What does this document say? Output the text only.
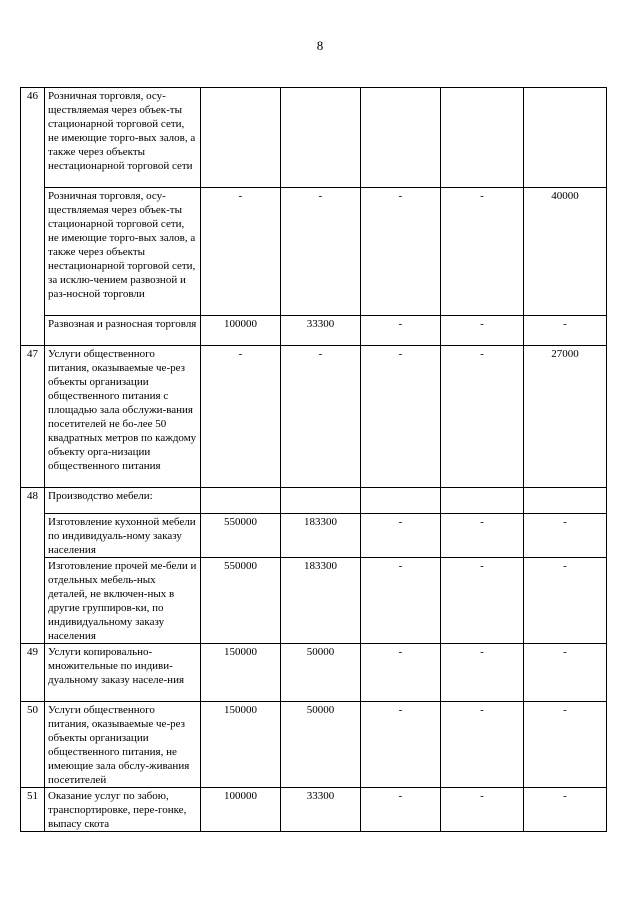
8
46	Розничная торговля, осу-ществляемая через объек-ты стационарной торговой сети, не имеющие торго-вых залов, а также через объекты нестационарной торговой сети					
	Розничная торговля, осу-ществляемая через объек-ты стационарной торговой сети, не имеющие торго-вых залов, а также через объекты нестационарной торговой сети, за исклю-чением развозной и раз-носной торговли	-	-	-	-	40000
	Развозная и разносная торговля	100000	33300	-	-	-
47	Услуги общественного питания, оказываемые че-рез объекты организации общественного питания с площадью зала обслужи-вания посетителей не бо-лее 50 квадратных метров по каждому объекту орга-низации общественного питания	-	-	-	-	27000
48	Производство мебели:					
	Изготовление кухонной мебели по индивидуаль-ному заказу населения	550000	183300	-	-	-
	Изготовление прочей ме-бели и отдельных мебель-ных деталей, не включен-ных в другие группиров-ки, по индивидуальному заказу населения	550000	183300	-	-	-
49	Услуги копировально-множительные по индиви-дуальному заказу населе-ния	150000	50000	-	-	-
50	Услуги общественного питания, оказываемые че-рез объекты организации общественного питания, не имеющие зала обслу-живания посетителей	150000	50000	-	-	-
51	Оказание услуг по забою, транспортировке, пере-гонке, выпасу скота	100000	33300	-	-	-
